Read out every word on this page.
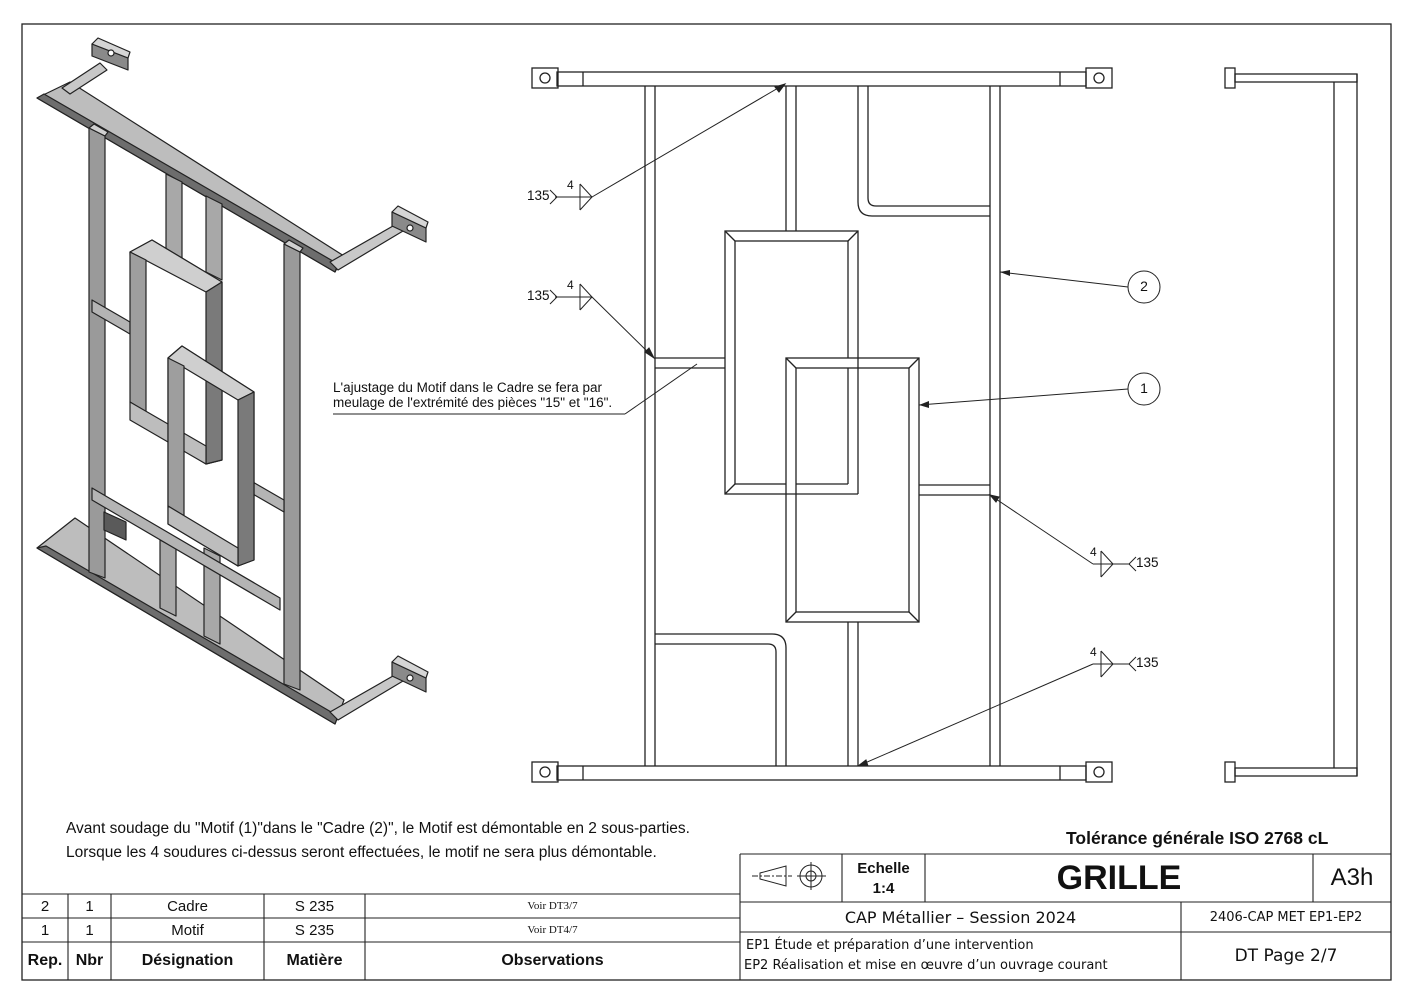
L'ajustage du Motif dans le Cadre se fera par
meulage de l'extrémité des pièces "15" et "16".
135
4
135
4
135
4
135
4
2
1
Avant soudage du "Motif (1)"dans le "Cadre (2)", le Motif est démontable en 2 sous-parties.
Lorsque les 4 soudures ci-dessus seront effectuées, le motif ne sera plus démontable.
Tolérance générale ISO 2768 cL
2	1	Cadre	S 235	Voir DT3/7
1	1	Motif	S 235	Voir DT4/7
Rep. Nbr	Désignation	Matière	Observations
Echelle
1:4	GRILLE	A3h
CAP Métallier – Session 2024	2406-CAP MET EP1-EP2
EP1 Étude et préparation d’une intervention
EP2 Réalisation et mise en œuvre d’un ouvrage courant	DT Page 2/7
